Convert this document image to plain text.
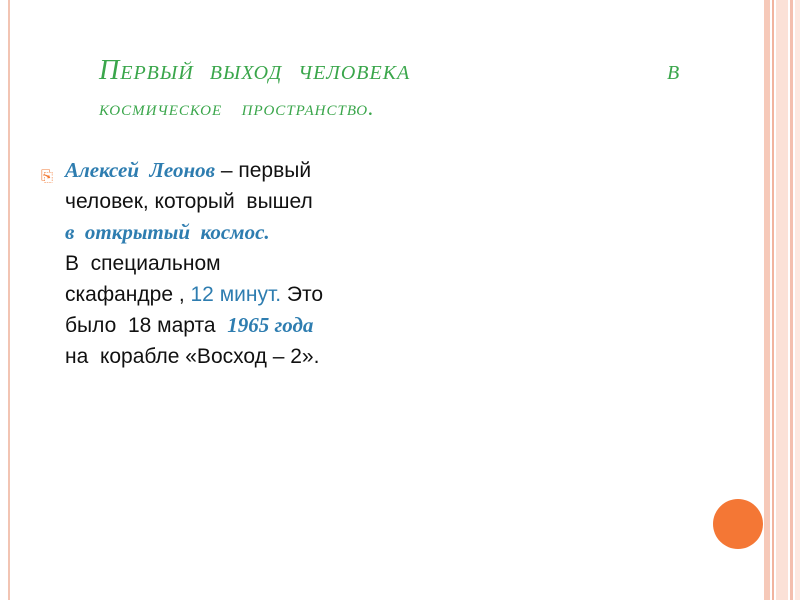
Первый  выход  человека	в
космическое   пространство.
⎘ Алексей  Леонов – первый
человек, который  вышел
в  открытый  космос.
В  специальном
скафандре , 12 минут. Это
было  18 марта  1965 года
на  корабле «Восход – 2».
